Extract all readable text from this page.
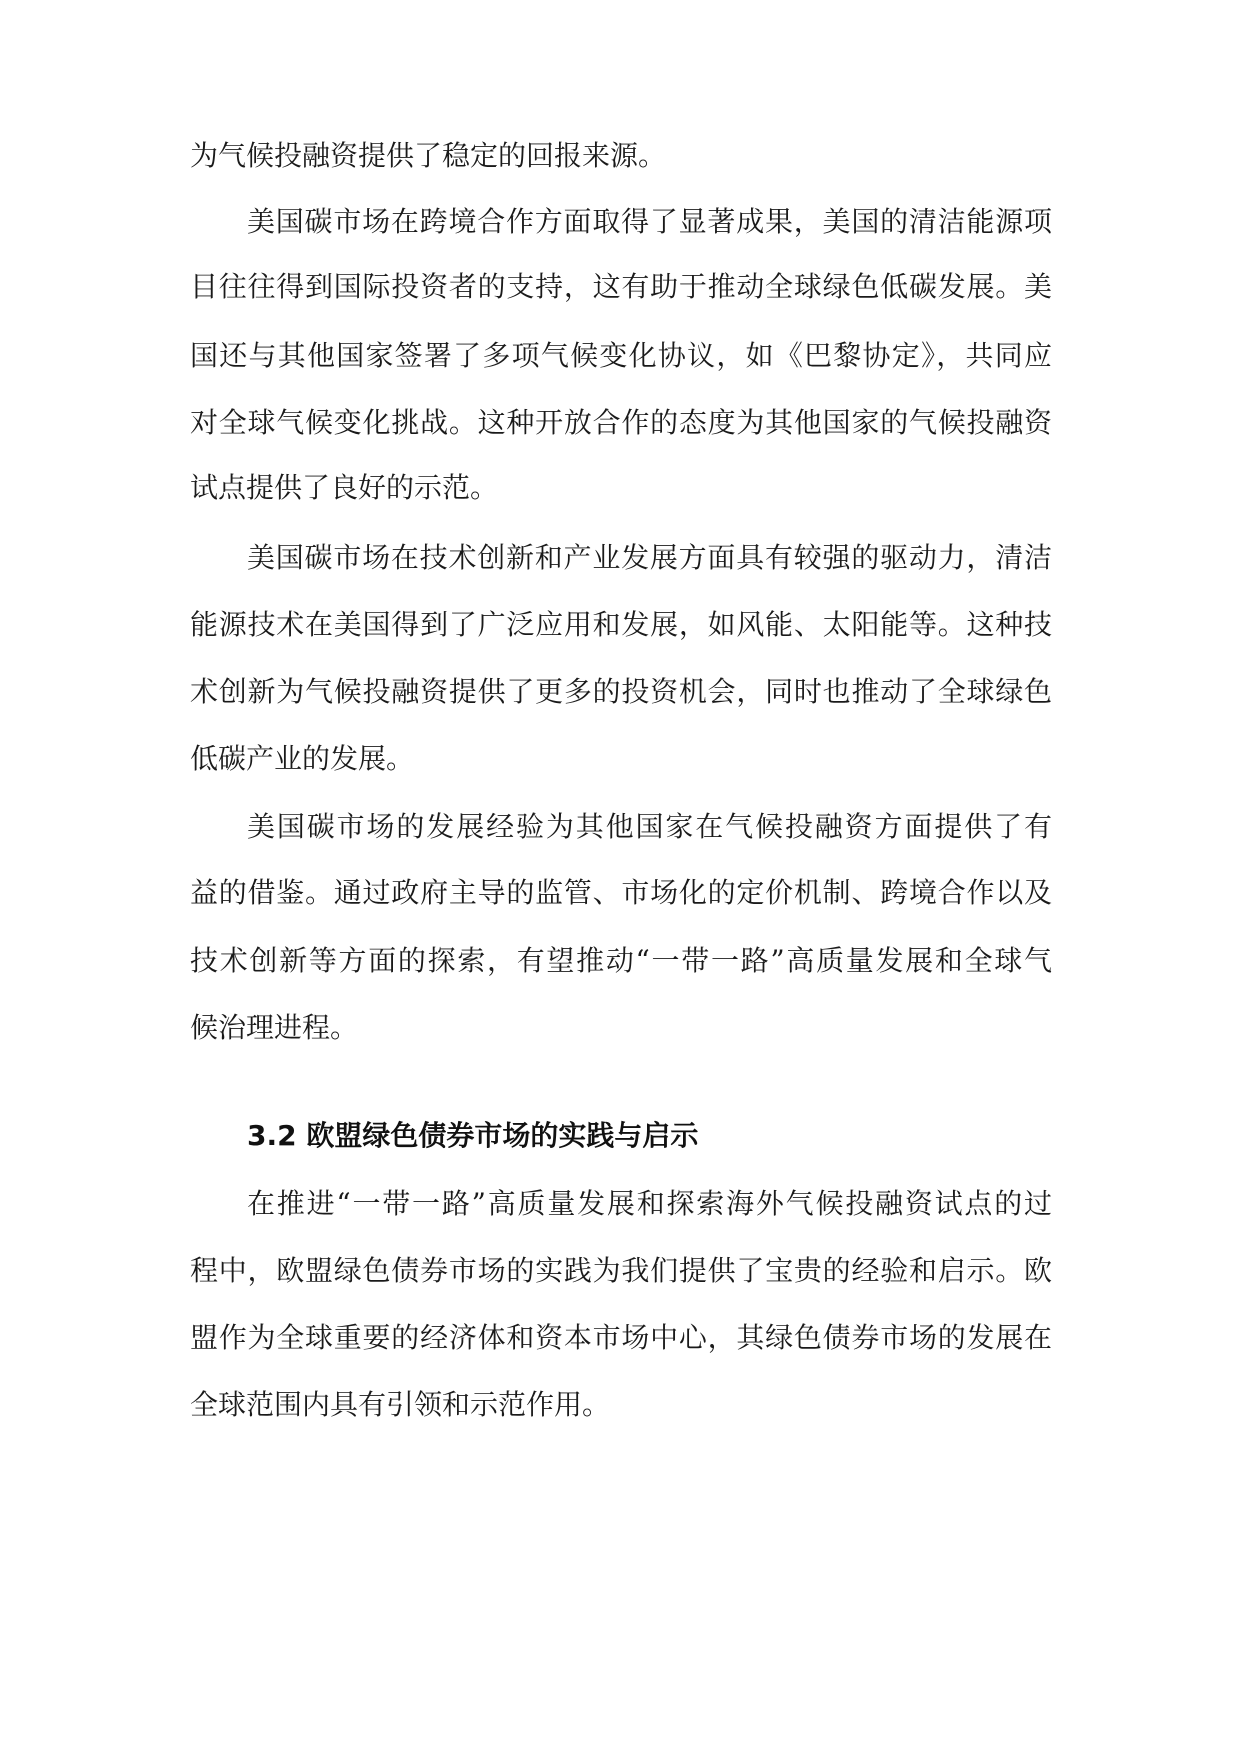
为气候投融资提供了稳定的回报来源。
美国碳市场在跨境合作方面取得了显著成果，美国的清洁能源项
目往往得到国际投资者的支持，这有助于推动全球绿色低碳发展。美
国还与其他国家签署了多项气候变化协议，如《巴黎协定》，共同应
对全球气候变化挑战。这种开放合作的态度为其他国家的气候投融资
试点提供了良好的示范。
美国碳市场在技术创新和产业发展方面具有较强的驱动力，清洁
能源技术在美国得到了广泛应用和发展，如风能、太阳能等。这种技
术创新为气候投融资提供了更多的投资机会，同时也推动了全球绿色
低碳产业的发展。
美国碳市场的发展经验为其他国家在气候投融资方面提供了有
益的借鉴。通过政府主导的监管、市场化的定价机制、跨境合作以及
技术创新等方面的探索，有望推动“一带一路”高质量发展和全球气
候治理进程。
3.2 欧盟绿色债券市场的实践与启示
在推进“一带一路”高质量发展和探索海外气候投融资试点的过
程中，欧盟绿色债券市场的实践为我们提供了宝贵的经验和启示。欧
盟作为全球重要的经济体和资本市场中心，其绿色债券市场的发展在
全球范围内具有引领和示范作用。
